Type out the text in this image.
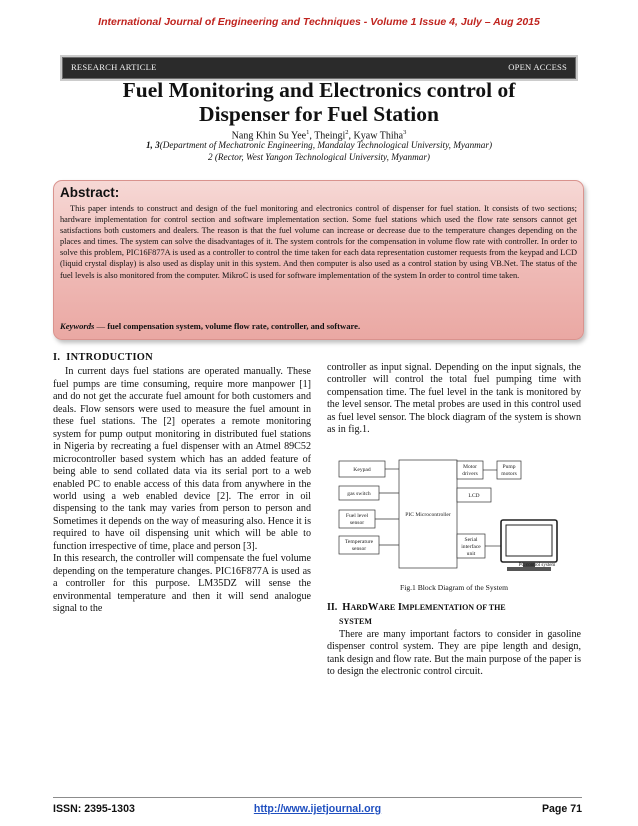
International Journal of Engineering and Techniques - Volume 1 Issue 4, July – Aug 2015
RESEARCH ARTICLE	OPEN ACCESS
Fuel Monitoring and Electronics control of
Dispenser for Fuel Station
Nang Khin Su Yee$^1$, Theingi$^2$, Kyaw Thiha$^3$
1, 3(Department of Mechatronic Engineering, Mandalay Technological University, Myanmar)
2 (Rector, West Yangon Technological University, Myanmar)
Abstract:
This paper intends to construct and design of the fuel monitoring and electronics control of dispenser for fuel station. It consists of two sections; hardware implementation for control section and software implementation section. Some fuel stations which used the flow rate sensors cannot get satisfactions both customers and dealers. The reason is that the fuel volume can increase or decrease due to the temperature changes depending on the places and times. The system can solve the disadvantages of it. The system controls for the compensation in volume flow rate with controller. In order to solve this problem, PIC16F877A is used as a controller to control the time taken for each data representation customer requests from the keypad and LCD (liquid crystal display) is also used as display unit in this system. And then computer is also used as a control station by using VB.Net. The status of the fuel levels is also monitored from the computer. MikroC is used for software implementation of the system In order to control time taken.
Keywords — fuel compensation system, volume flow rate, controller, and software.
I. INTRODUCTION

In current days fuel stations are operated manually. These fuel pumps are time consuming, require more manpower [1] and do not get the accurate fuel amount for both customers and deals. Flow sensors were used to measure the fuel amount in these fuel stations. The [2] operates a remote monitoring system for pump output monitoring in distributed fuel stations in Nigeria by recreating a fuel dispenser with an Atmel 89C52 microcontroller based system which has an added feature of being able to send collated data via its serial port to a web enabled PC to enable access of this data from anywhere in the world using a web enabled device [2]. The error in oil dispensing to the tank may varies from person to person and Sometimes it depends on the way of measuring also. Hence it is required to have oil dispensing unit which will be able to function irrespective of time, place and person [3].

In this research, the controller will compensate the fuel volume depending on the temperature changes. PIC16F877A is used as a controller for this purpose. LM35DZ will sense the environmental temperature and then it will send analogue signal to the

controller as input signal. Depending on the input signals, the controller will control the total fuel pumping time with compensation time. The fuel level in the tank is monitored by the level sensor. The metal probes are used in this control used as fuel level sensor. The block diagram of the system is shown as in fig.1.

Keypad
gas switch
Fuel level
sensor
Temperature
sensor
PIC Microcontroller
Motor
drivers
Pump
motors
LCD
Serial
interface
unit
PC control system
Fig.1 Block Diagram of the System
II. HARDWARE IMPLEMENTATION OF THE
SYSTEM

There are many important factors to consider in gasoline dispenser control system. They are pipe length and design, tank design and flow rate. But the main purpose of the paper is to design the electronic control circuit.

ISSN: 2395-1303	http://www.ijetjournal.org	Page 71
